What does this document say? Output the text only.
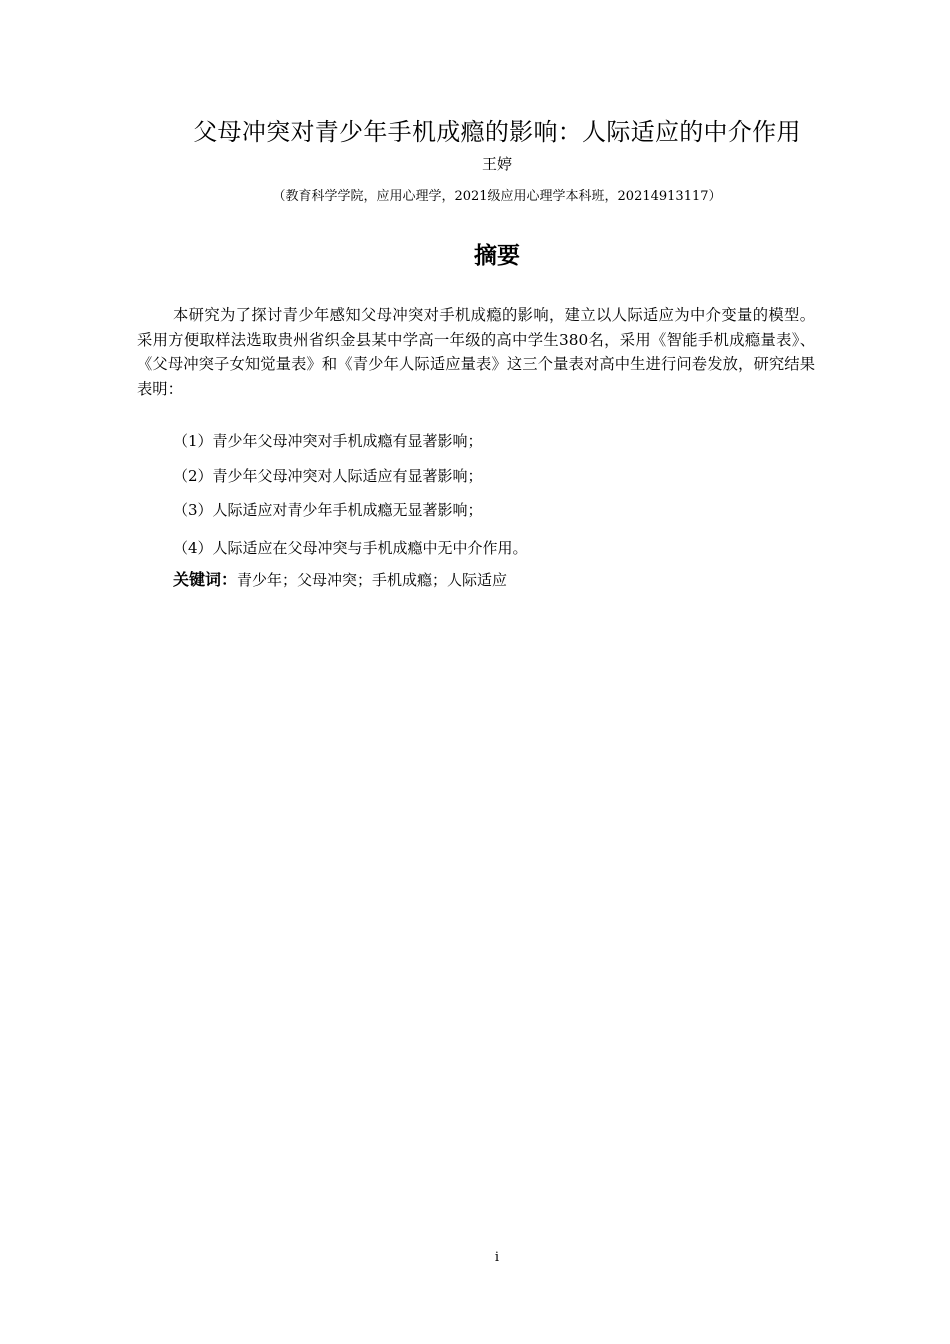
父母冲突对青少年手机成瘾的影响：人际适应的中介作用
王婷
（教育科学学院，应用心理学，2021级应用心理学本科班，20214913117）
摘要

本研究为了探讨青少年感知父母冲突对手机成瘾的影响，建立以人际适应为中介变量的模型。采用方便取样法选取贵州省织金县某中学高一年级的高中学生380名，采用《智能手机成瘾量表》、《父母冲突子女知觉量表》和《青少年人际适应量表》这三个量表对高中生进行问卷发放，研究结果表明：

（1）青少年父母冲突对手机成瘾有显著影响；
（2）青少年父母冲突对人际适应有显著影响；
（3）人际适应对青少年手机成瘾无显著影响；
（4）人际适应在父母冲突与手机成瘾中无中介作用。
关键词：青少年；父母冲突；手机成瘾；人际适应
i
